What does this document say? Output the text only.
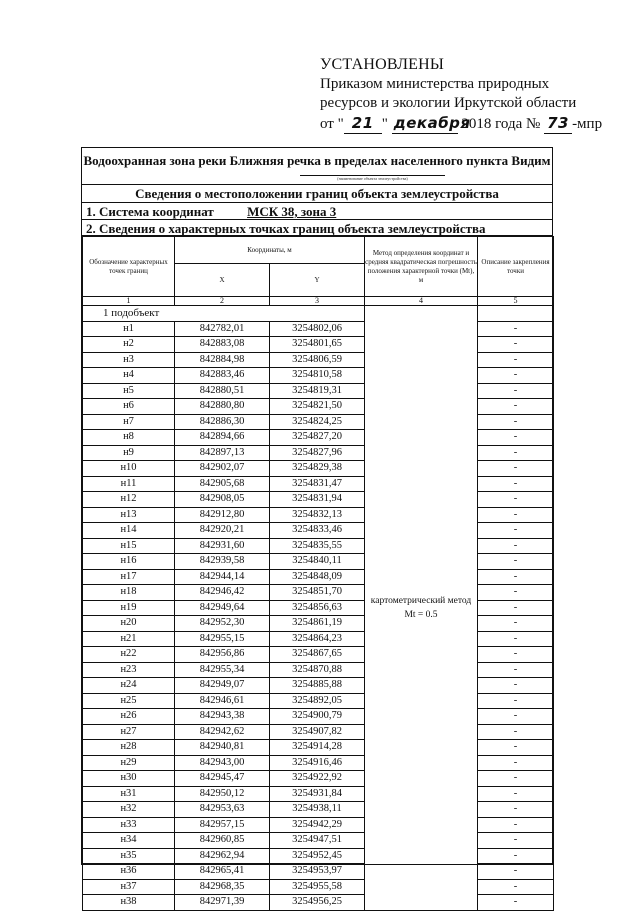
УСТАНОВЛЕНЫ
Приказом министерства природных
ресурсов и экологии Иркутской области
от " 21 " декабря 2018 года № 73 -мпр
Водоохранная зона реки Ближняя речка в пределах населенного пункта Видим
(наименование объекта землеустройства)
Сведения о местоположении границ объекта землеустройства
1. Система координат	МСК 38, зона 3
2. Сведения о характерных точках границ объекта землеустройства
Обозначение характерных точек границ	Координаты, м		Метод определения координат и средняя квадратическая погрешность положения характерной точки (Mt), м	Описание закрепления точки
	X	Y		
1	2	3	4	5
1 подобъект			картометрический метод Mt = 0.5	
н1	842782,01	3254802,06		-
н2	842883,08	3254801,65		-
н3	842884,98	3254806,59		-
н4	842883,46	3254810,58		-
н5	842880,51	3254819,31		-
н6	842880,80	3254821,50		-
н7	842886,30	3254824,25		-
н8	842894,66	3254827,20		-
н9	842897,13	3254827,96		-
н10	842902,07	3254829,38		-
н11	842905,68	3254831,47		-
н12	842908,05	3254831,94		-
н13	842912,80	3254832,13		-
н14	842920,21	3254833,46		-
н15	842931,60	3254835,55		-
н16	842939,58	3254840,11		-
н17	842944,14	3254848,09		-
н18	842946,42	3254851,70		-
н19	842949,64	3254856,63		-
н20	842952,30	3254861,19		-
н21	842955,15	3254864,23		-
н22	842956,86	3254867,65		-
н23	842955,34	3254870,88		-
н24	842949,07	3254885,88		-
н25	842946,61	3254892,05		-
н26	842943,38	3254900,79		-
н27	842942,62	3254907,82		-
н28	842940,81	3254914,28		-
н29	842943,00	3254916,46		-
н30	842945,47	3254922,92		-
н31	842950,12	3254931,84		-
н32	842953,63	3254938,11		-
н33	842957,15	3254942,29		-
н34	842960,85	3254947,51		-
н35	842962,94	3254952,45		-
н36	842965,41	3254953,97		-
н37	842968,35	3254955,58		-
н38	842971,39	3254956,25		-
